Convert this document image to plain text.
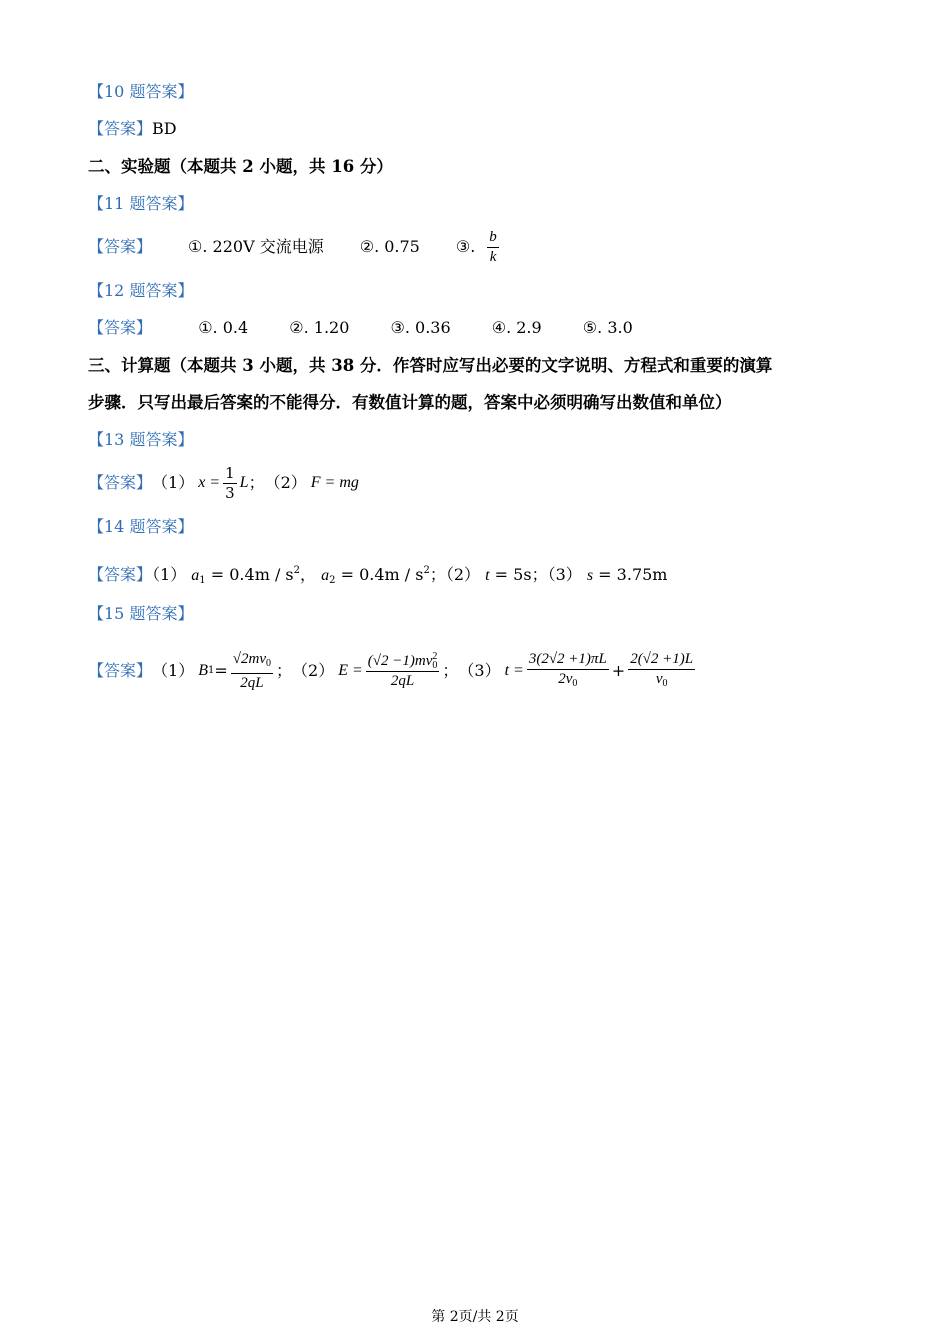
【10 题答案】
【答案】BD
二、实验题（本题共 2 小题，共 16 分）
【11 题答案】
【答案】 ①. 220V 交流电源 ②. 0.75 ③. $\frac{b}{k}$
【12 题答案】
【答案】	①. 0.4	②. 1.20	③. 0.36	④. 2.9	⑤. 3.0
三、计算题（本题共 3 小题，共 38 分．作答时应写出必要的文字说明、方程式和重要的演算
步骤．只写出最后答案的不能得分．有数值计算的题，答案中必须明确写出数值和单位）
【13 题答案】
【答案】 （1） $x = \frac{1}{3}$ L ； （2） F = mg
【14 题答案】
【答案】（1） $a_1 = 0.4m / s^2$， $a_2 = 0.4m / s^2$；（2） t = 5s；（3） s = 3.75m
【15 题答案】
【答案】 （1） B $1 = \frac{√2mv_0}{2qL}$ ； （2） E = (√2 −1)mv 2
0
2qL ； （3） $t = \frac{3(2√2 +1)\pi L}{2v_0} + \frac{2(√2 +1)L}{v_0}$
第 2页/共 2页
